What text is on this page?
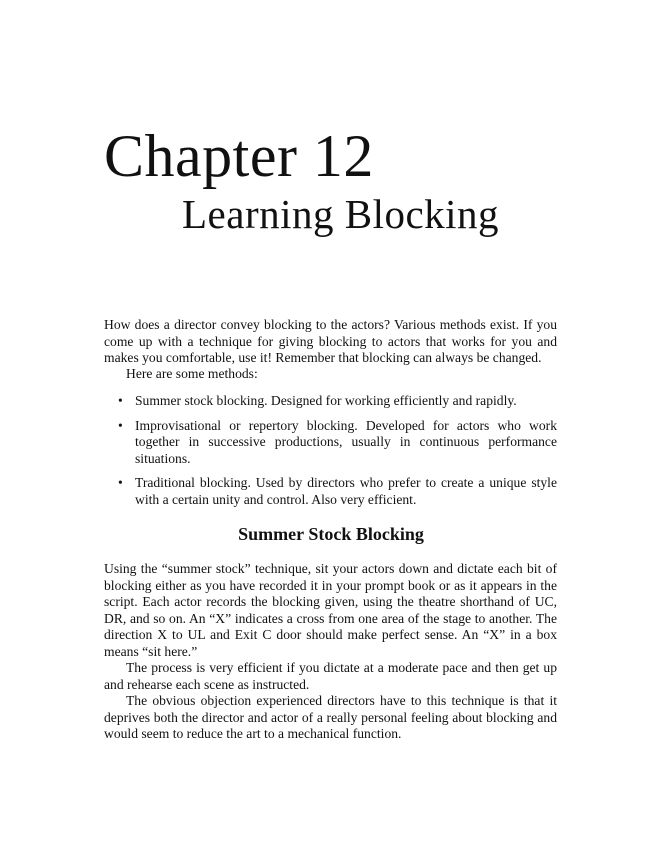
Chapter 12
Learning Blocking

How does a director convey blocking to the actors? Various methods exist. If you come up with a technique for giving blocking to actors that works for you and makes you comfortable, use it! Remember that blocking can always be changed.

Here are some methods:

• Summer stock blocking. Designed for working efficiently and rapidly.
• Improvisational or repertory blocking. Developed for actors who work together in successive productions, usually in continuous performance situations.
• Traditional blocking. Used by directors who prefer to create a unique style with a certain unity and control. Also very efficient.
Summer Stock Blocking

Using the “summer stock” technique, sit your actors down and dictate each bit of blocking either as you have recorded it in your prompt book or as it appears in the script. Each actor records the blocking given, using the theatre shorthand of UC, DR, and so on. An “X” indicates a cross from one area of the stage to another. The direction X to UL and Exit C door should make perfect sense. An “X” in a box means “sit here.”

The process is very efficient if you dictate at a moderate pace and then get up and rehearse each scene as instructed.

The obvious objection experienced directors have to this technique is that it deprives both the director and actor of a really personal feeling about blocking and would seem to reduce the art to a mechanical function.
